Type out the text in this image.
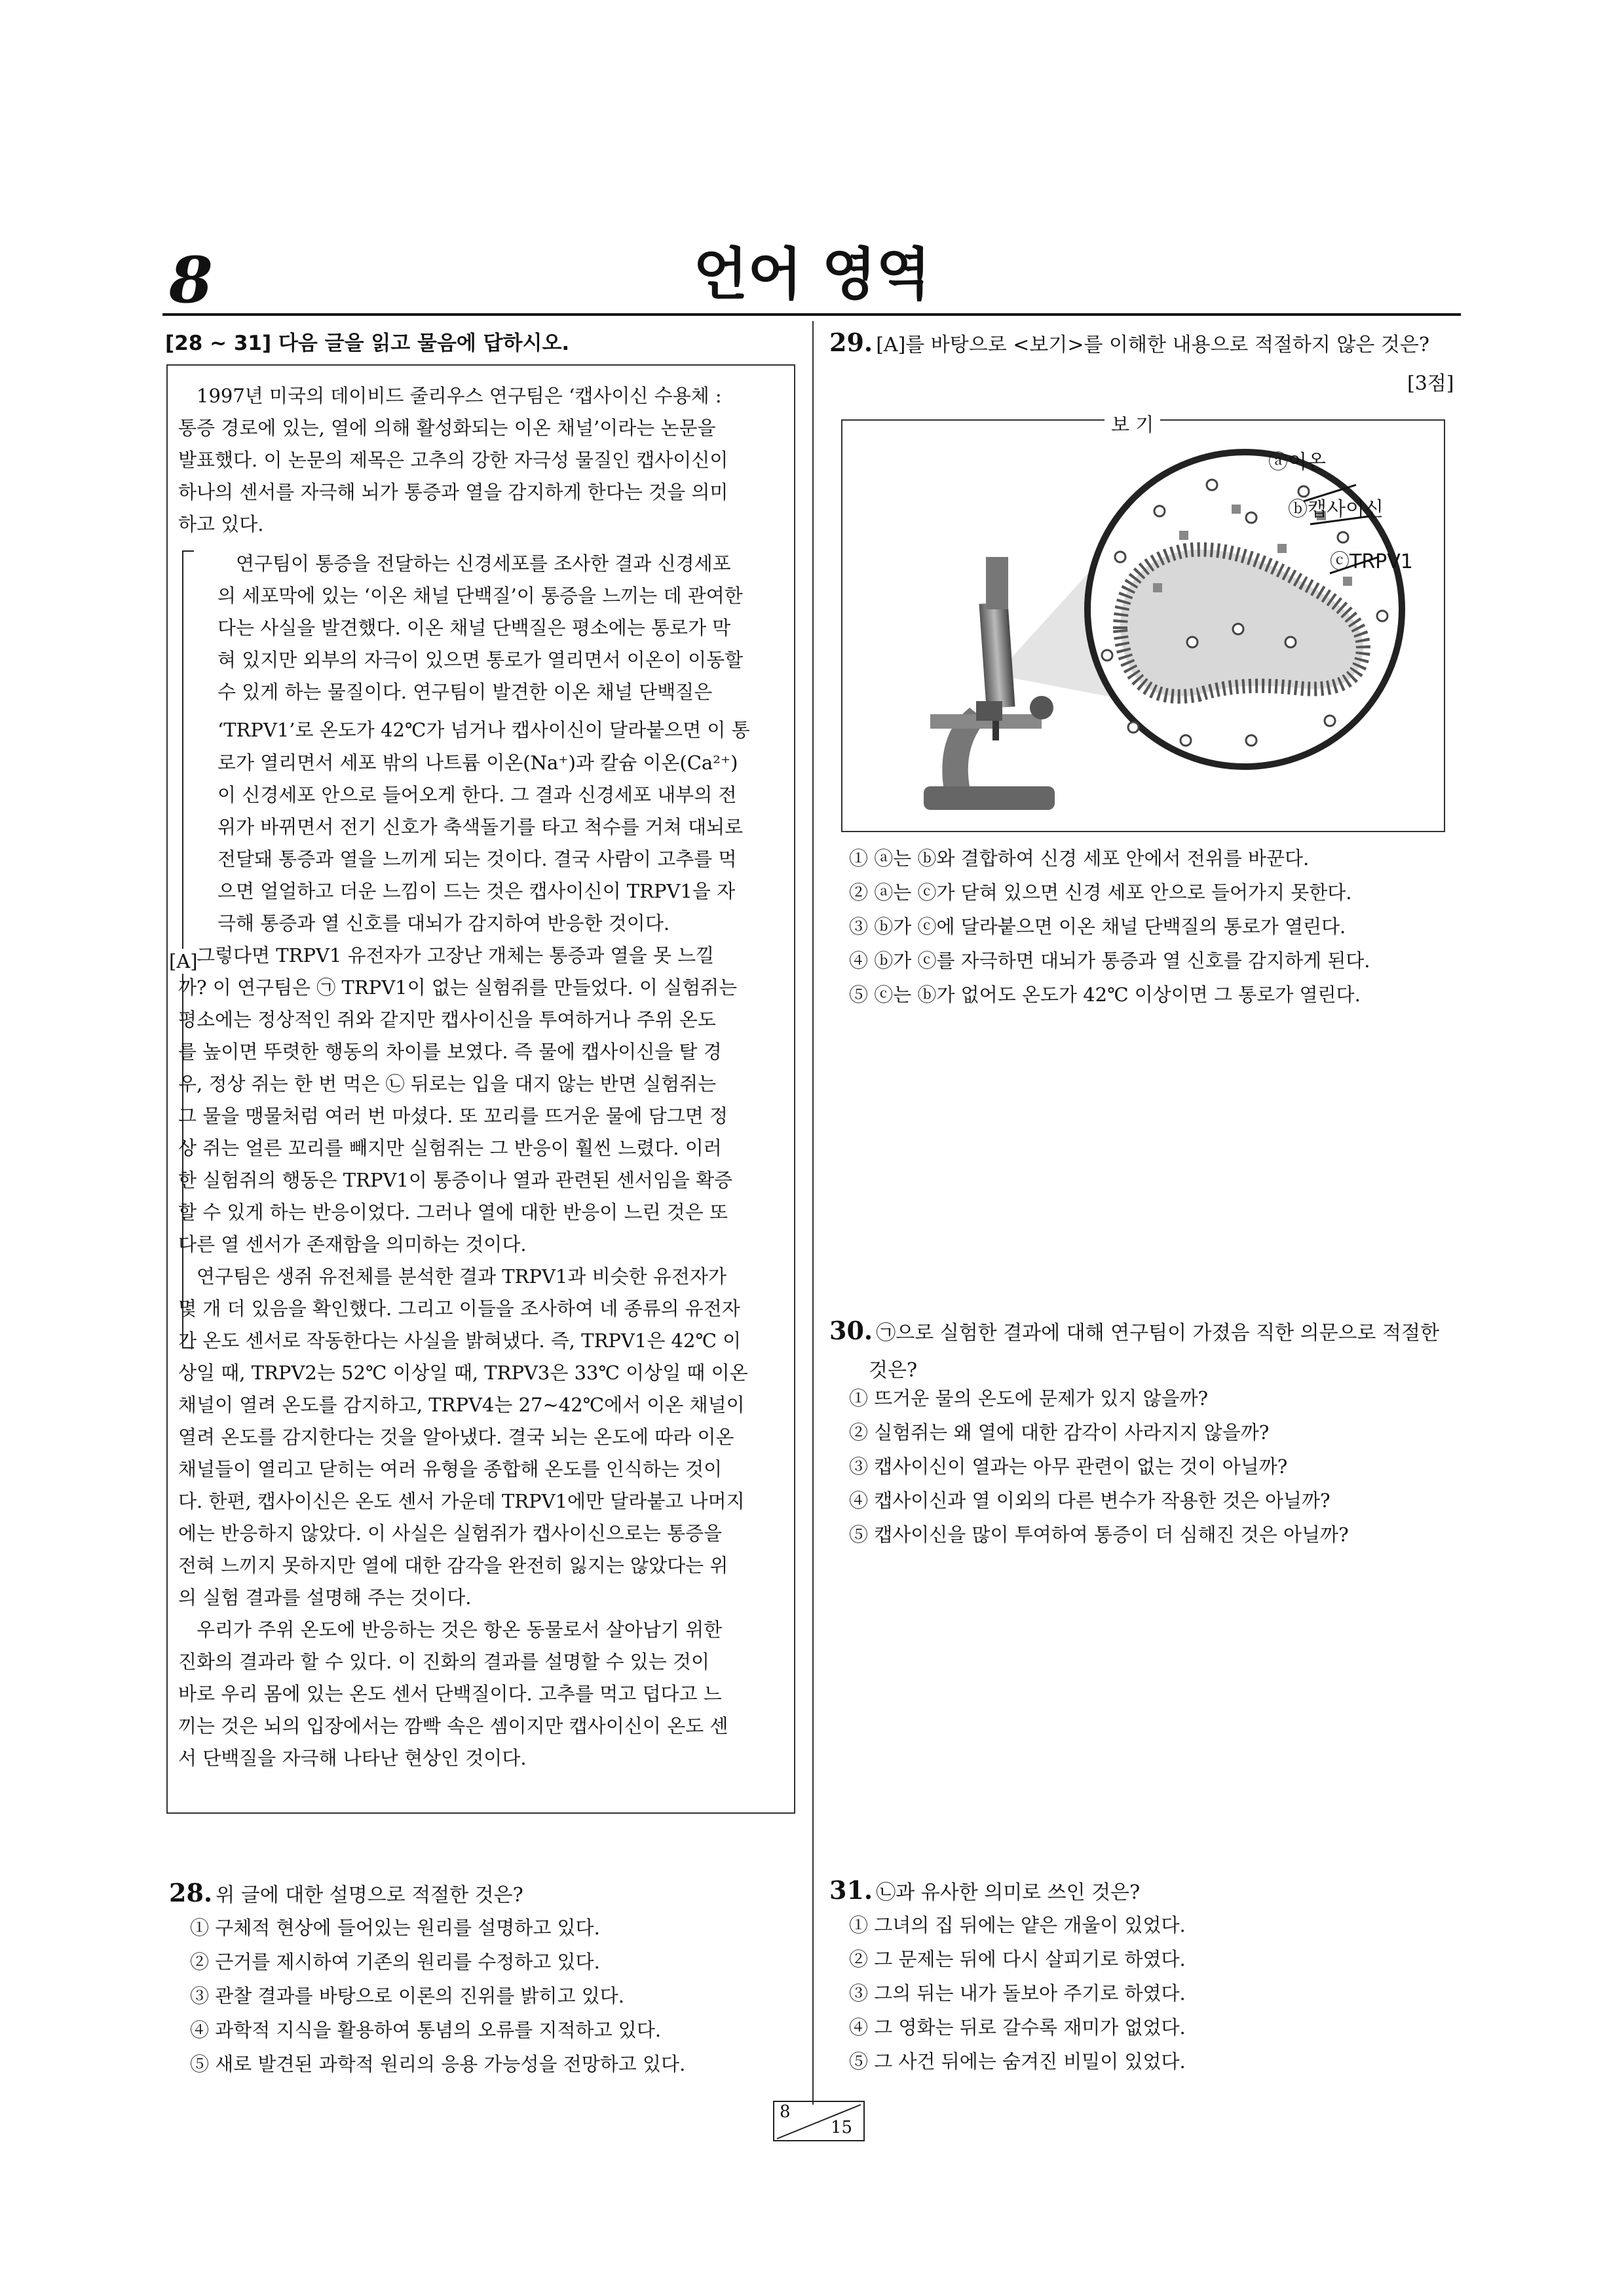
8	언어 영역
[28 ~ 31] 다음 글을 읽고 물음에 답하시오.
[A]
1997년 미국의 데이비드 줄리우스 연구팀은 ‘캡사이신 수용체 :
통증 경로에 있는, 열에 의해 활성화되는 이온 채널’이라는 논문을
발표했다. 이 논문의 제목은 고추의 강한 자극성 물질인 캡사이신이
하나의 센서를 자극해 뇌가 통증과 열을 감지하게 한다는 것을 의미
하고 있다.
연구팀이 통증을 전달하는 신경세포를 조사한 결과 신경세포
의 세포막에 있는 ‘이온 채널 단백질’이 통증을 느끼는 데 관여한
다는 사실을 발견했다. 이온 채널 단백질은 평소에는 통로가 막
혀 있지만 외부의 자극이 있으면 통로가 열리면서 이온이 이동할
수 있게 하는 물질이다. 연구팀이 발견한 이온 채널 단백질은
‘TRPV1’로 온도가 42℃가 넘거나 캡사이신이 달라붙으면 이 통
로가 열리면서 세포 밖의 나트륨 이온(Na⁺)과 칼슘 이온(Ca²⁺)
이 신경세포 안으로 들어오게 한다. 그 결과 신경세포 내부의 전
위가 바뀌면서 전기 신호가 축색돌기를 타고 척수를 거쳐 대뇌로
전달돼 통증과 열을 느끼게 되는 것이다. 결국 사람이 고추를 먹
으면 얼얼하고 더운 느낌이 드는 것은 캡사이신이 TRPV1을 자
극해 통증과 열 신호를 대뇌가 감지하여 반응한 것이다.
그렇다면 TRPV1 유전자가 고장난 개체는 통증과 열을 못 느낄
까? 이 연구팀은 ㉠ TRPV1이 없는 실험쥐를 만들었다. 이 실험쥐는
평소에는 정상적인 쥐와 같지만 캡사이신을 투여하거나 주위 온도
를 높이면 뚜렷한 행동의 차이를 보였다. 즉 물에 캡사이신을 탈 경
우, 정상 쥐는 한 번 먹은 ㉡ 뒤로는 입을 대지 않는 반면 실험쥐는
그 물을 맹물처럼 여러 번 마셨다. 또 꼬리를 뜨거운 물에 담그면 정
상 쥐는 얼른 꼬리를 빼지만 실험쥐는 그 반응이 훨씬 느렸다. 이러
한 실험쥐의 행동은 TRPV1이 통증이나 열과 관련된 센서임을 확증
할 수 있게 하는 반응이었다. 그러나 열에 대한 반응이 느린 것은 또
다른 열 센서가 존재함을 의미하는 것이다.
연구팀은 생쥐 유전체를 분석한 결과 TRPV1과 비슷한 유전자가
몇 개 더 있음을 확인했다. 그리고 이들을 조사하여 네 종류의 유전자
가 온도 센서로 작동한다는 사실을 밝혀냈다. 즉, TRPV1은 42℃ 이
상일 때, TRPV2는 52℃ 이상일 때, TRPV3은 33℃ 이상일 때 이온
채널이 열려 온도를 감지하고, TRPV4는 27~42℃에서 이온 채널이
열려 온도를 감지한다는 것을 알아냈다. 결국 뇌는 온도에 따라 이온
채널들이 열리고 닫히는 여러 유형을 종합해 온도를 인식하는 것이
다. 한편, 캡사이신은 온도 센서 가운데 TRPV1에만 달라붙고 나머지
에는 반응하지 않았다. 이 사실은 실험쥐가 캡사이신으로는 통증을
전혀 느끼지 못하지만 열에 대한 감각을 완전히 잃지는 않았다는 위
의 실험 결과를 설명해 주는 것이다.
우리가 주위 온도에 반응하는 것은 항온 동물로서 살아남기 위한
진화의 결과라 할 수 있다. 이 진화의 결과를 설명할 수 있는 것이
바로 우리 몸에 있는 온도 센서 단백질이다. 고추를 먹고 덥다고 느
끼는 것은 뇌의 입장에서는 깜빡 속은 셈이지만 캡사이신이 온도 센
서 단백질을 자극해 나타난 현상인 것이다.
28. 위 글에 대한 설명으로 적절한 것은?
① 구체적 현상에 들어있는 원리를 설명하고 있다.
② 근거를 제시하여 기존의 원리를 수정하고 있다.
③ 관찰 결과를 바탕으로 이론의 진위를 밝히고 있다.
④ 과학적 지식을 활용하여 통념의 오류를 지적하고 있다.
⑤ 새로 발견된 과학적 원리의 응용 가능성을 전망하고 있다.
29. [A]를 바탕으로 <보기>를 이해한 내용으로 적절하지 않은 것은?
[3점]
보 기
ⓐ이온
ⓑ캡사이신
ⓒTRPV1
① ⓐ는 ⓑ와 결합하여 신경 세포 안에서 전위를 바꾼다.
② ⓐ는 ⓒ가 닫혀 있으면 신경 세포 안으로 들어가지 못한다.
③ ⓑ가 ⓒ에 달라붙으면 이온 채널 단백질의 통로가 열린다.
④ ⓑ가 ⓒ를 자극하면 대뇌가 통증과 열 신호를 감지하게 된다.
⑤ ⓒ는 ⓑ가 없어도 온도가 42℃ 이상이면 그 통로가 열린다.
30. ㉠으로 실험한 결과에 대해 연구팀이 가졌음 직한 의문으로 적절한
것은?
① 뜨거운 물의 온도에 문제가 있지 않을까?
② 실험쥐는 왜 열에 대한 감각이 사라지지 않을까?
③ 캡사이신이 열과는 아무 관련이 없는 것이 아닐까?
④ 캡사이신과 열 이외의 다른 변수가 작용한 것은 아닐까?
⑤ 캡사이신을 많이 투여하여 통증이 더 심해진 것은 아닐까?
31. ㉡과 유사한 의미로 쓰인 것은?
① 그녀의 집 뒤에는 얕은 개울이 있었다.
② 그 문제는 뒤에 다시 살피기로 하였다.
③ 그의 뒤는 내가 돌보아 주기로 하였다.
④ 그 영화는 뒤로 갈수록 재미가 없었다.
⑤ 그 사건 뒤에는 숨겨진 비밀이 있었다.
8
15
